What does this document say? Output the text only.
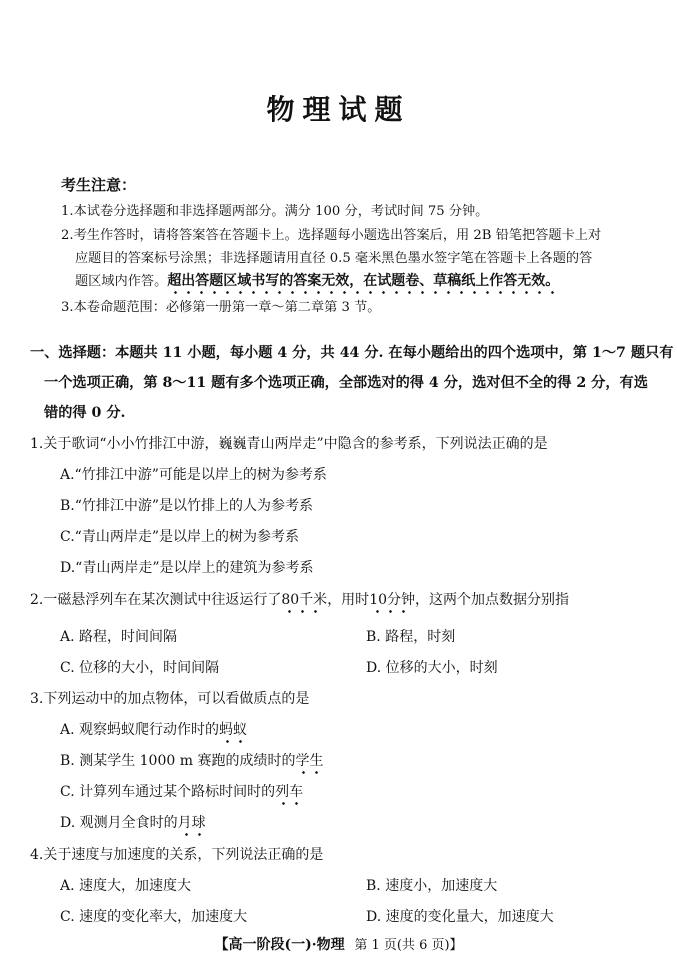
物理试题
考生注意：
1.本试卷分选择题和非选择题两部分。满分 100 分，考试时间 75 分钟。
2.考生作答时，请将答案答在答题卡上。选择题每小题选出答案后，用 2B 铅笔把答题卡上对
应题目的答案标号涂黑；非选择题请用直径 0.5 毫米黑色墨水签字笔在答题卡上各题的答
题区域内作答。超出答题区域书写的答案无效，在试题卷、草稿纸上作答无效。
3.本卷命题范围：必修第一册第一章～第二章第 3 节。
一、选择题：本题共 11 小题，每小题 4 分，共 44 分. 在每小题给出的四个选项中，第 1～7 题只有
一个选项正确，第 8～11 题有多个选项正确，全部选对的得 4 分，选对但不全的得 2 分，有选
错的得 0 分.
1.关于歌词“小小竹排江中游，巍巍青山两岸走”中隐含的参考系，下列说法正确的是
A.“竹排江中游”可能是以岸上的树为参考系
B.“竹排江中游”是以竹排上的人为参考系
C.“青山两岸走”是以岸上的树为参考系
D.“青山两岸走”是以岸上的建筑为参考系
2.一磁悬浮列车在某次测试中往返运行了80千米，用时10分钟，这两个加点数据分别指
A. 路程，时间间隔	B. 路程，时刻
C. 位移的大小，时间间隔	D. 位移的大小，时刻
3.下列运动中的加点物体，可以看做质点的是
A. 观察蚂蚁爬行动作时的蚂蚁
B. 测某学生 1000 m 赛跑的成绩时的学生
C. 计算列车通过某个路标时间时的列车
D. 观测月全食时的月球
4.关于速度与加速度的关系，下列说法正确的是
A. 速度大，加速度大	B. 速度小，加速度大
C. 速度的变化率大，加速度大	D. 速度的变化量大，加速度大
【高一阶段(一)·物理 第 1 页(共 6 页)】
